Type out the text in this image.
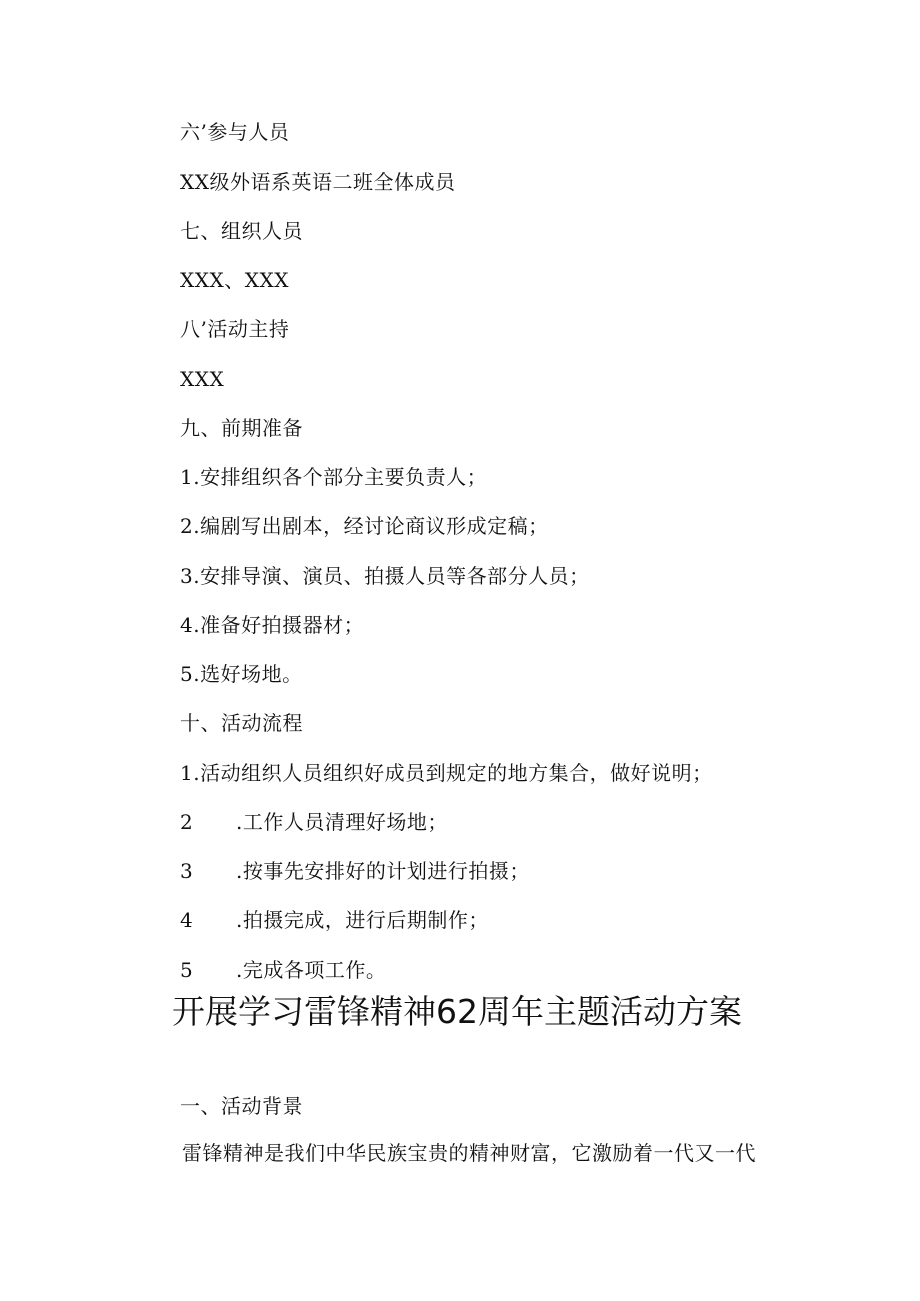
六’参与人员
XX级外语系英语二班全体成员
七、组织人员
XXX、XXX
八’活动主持
XXX
九、前期准备
1.安排组织各个部分主要负责人；
2.编剧写出剧本，经讨论商议形成定稿；
3.安排导演、演员、拍摄人员等各部分人员；
4.准备好拍摄器材；
5.选好场地。
十、活动流程
1.活动组织人员组织好成员到规定的地方集合，做好说明；
2 .工作人员清理好场地；
3 .按事先安排好的计划进行拍摄；
4 .拍摄完成，进行后期制作；
5 .完成各项工作。
开展学习雷锋精神62周年主题活动方案
一、活动背景
雷锋精神是我们中华民族宝贵的精神财富，它激励着一代又一代
